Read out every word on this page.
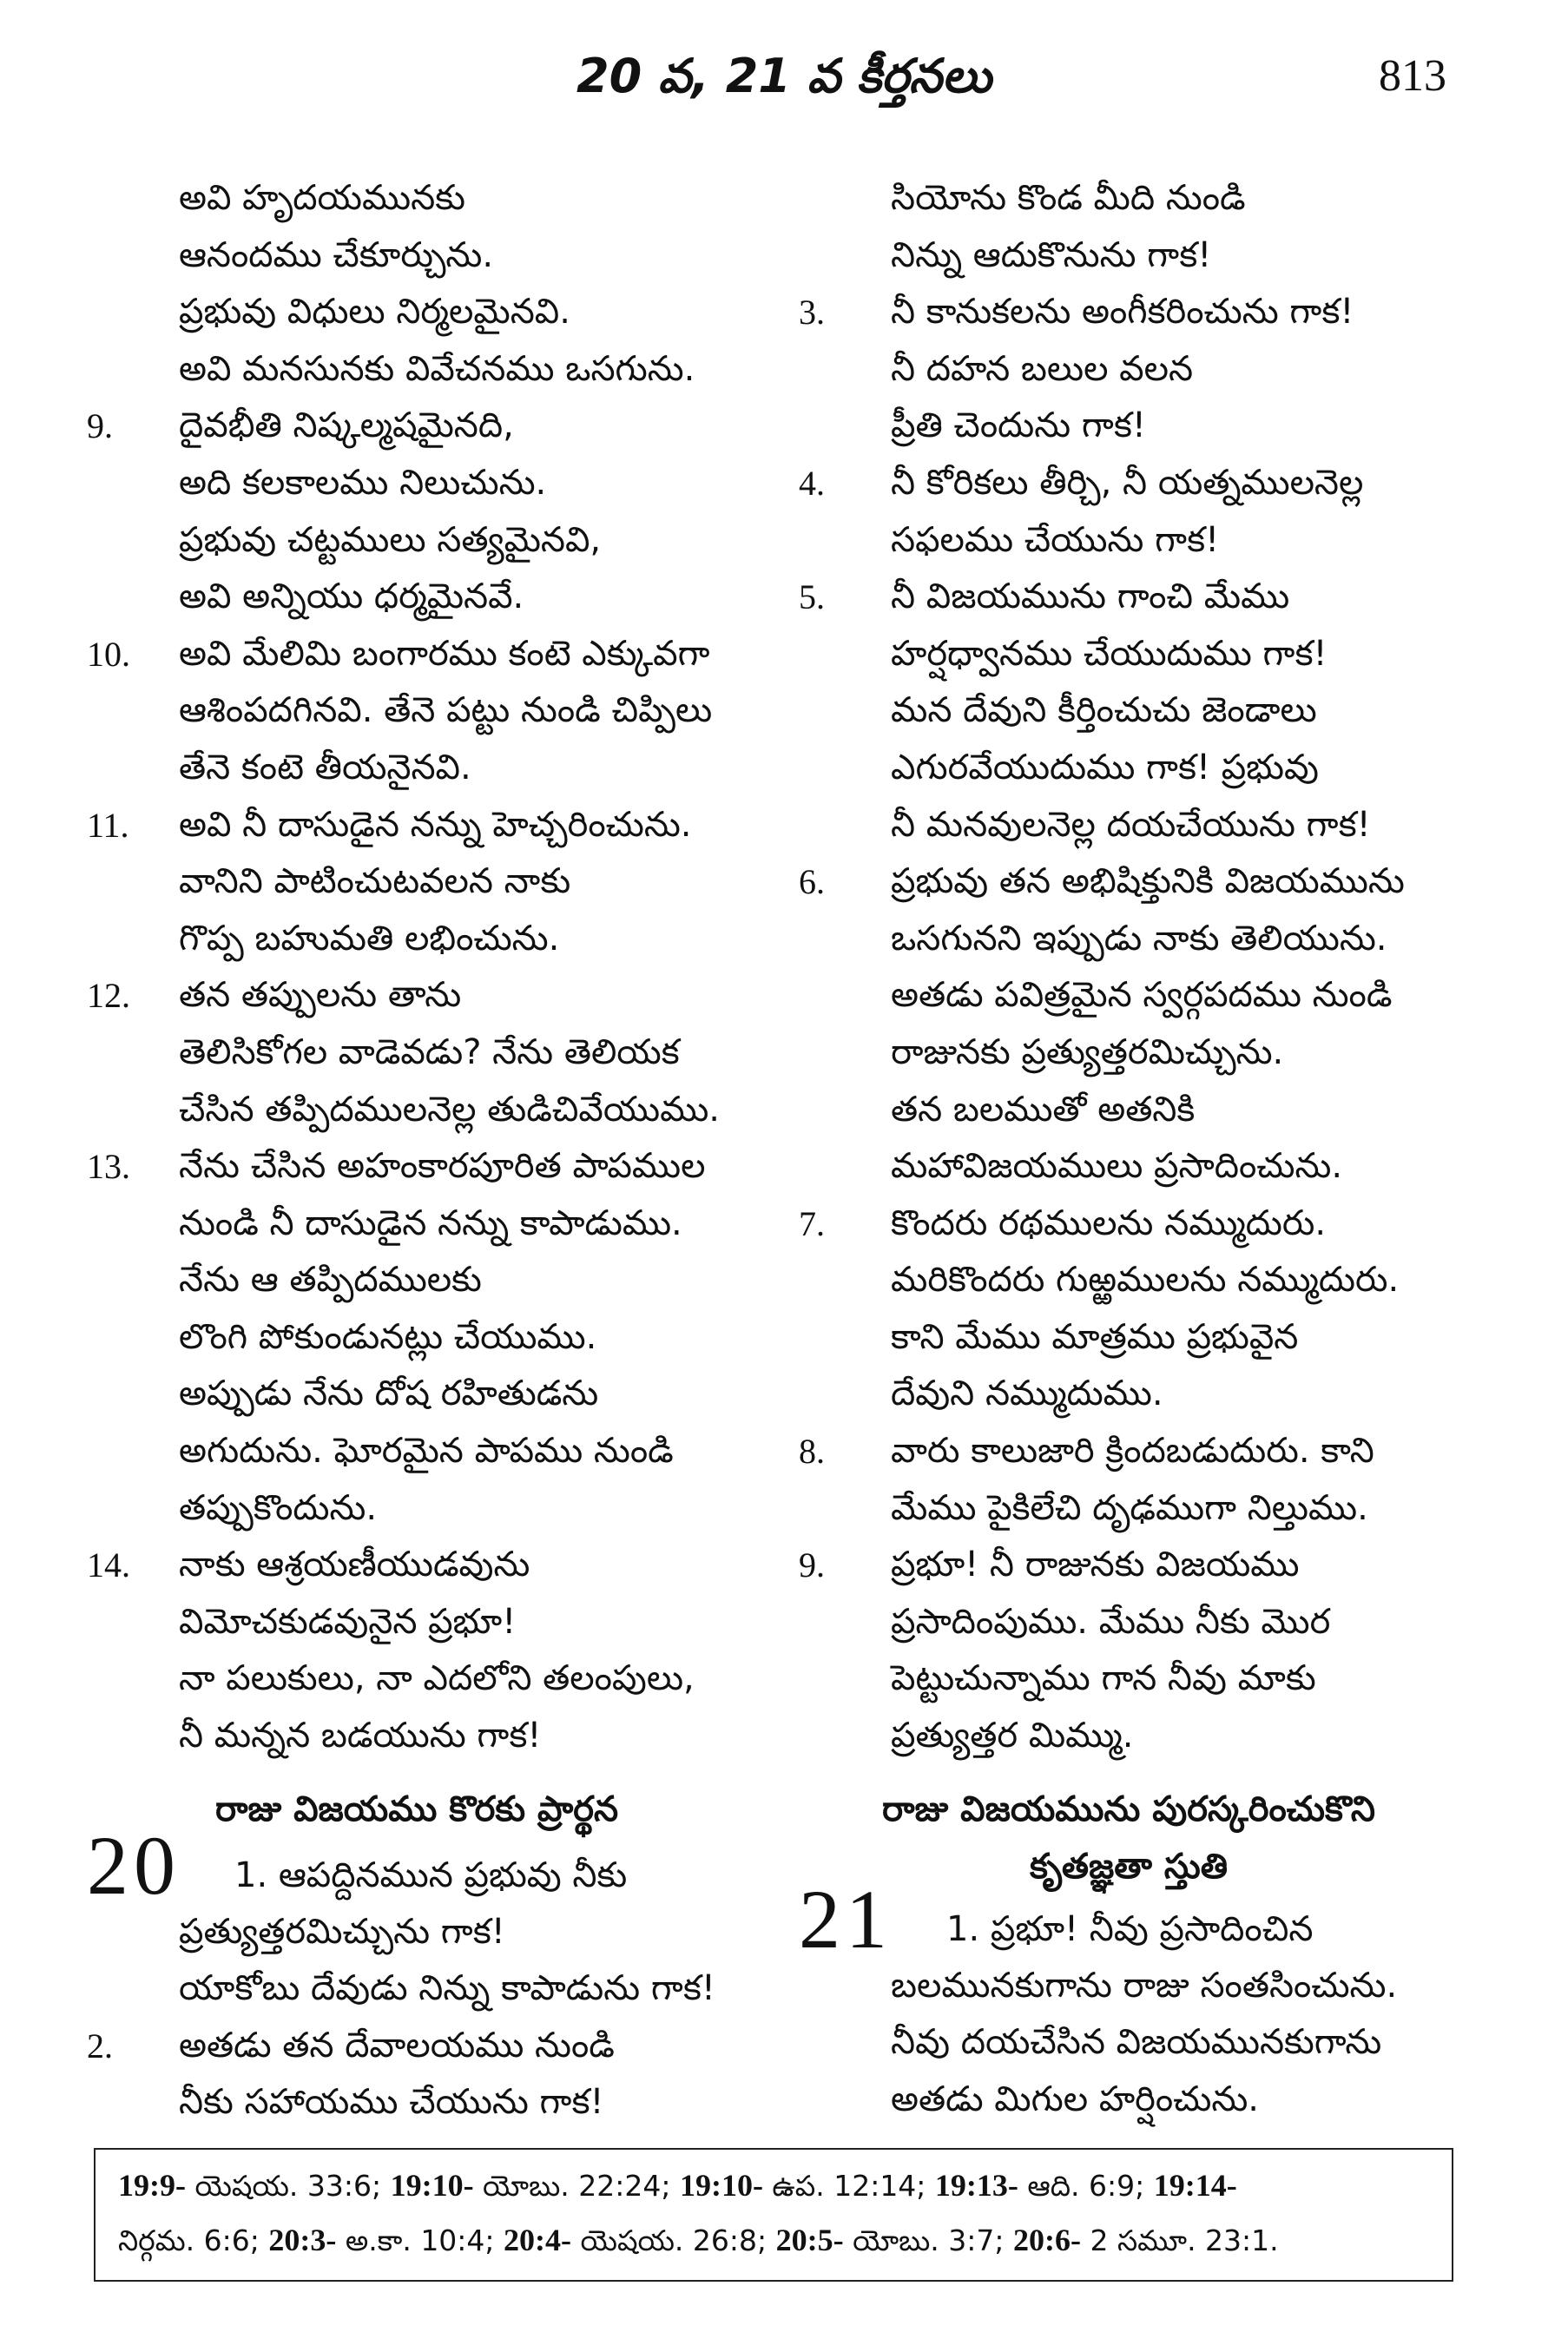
20 వ, 21 వ కీర్తనలు	813
అవి హృదయమునకు
ఆనందము చేకూర్చును.
ప్రభువు విధులు నిర్మలమైనవి.
అవి మనసునకు వివేచనము ఒసగును.
9. దైవభీతి నిష్కల్మషమైనది,
అది కలకాలము నిలుచును.
ప్రభువు చట్టములు సత్యమైనవి,
అవి అన్నియు ధర్మమైనవే.
10. అవి మేలిమి బంగారము కంటె ఎక్కువగా
ఆశింపదగినవి. తేనె పట్టు నుండి చిప్పిలు
తేనె కంటె తీయనైనవి.
11. అవి నీ దాసుడైన నన్ను హెచ్చరించును.
వానిని పాటించుటవలన నాకు
గొప్ప బహుమతి లభించును.
12. తన తప్పులను తాను
తెలిసికోగల వాడెవడు? నేను తెలియక
చేసిన తప్పిదములనెల్ల తుడిచివేయుము.
13. నేను చేసిన అహంకారపూరిత పాపముల
నుండి నీ దాసుడైన నన్ను కాపాడుము.
నేను ఆ తప్పిదములకు
లొంగి పోకుండునట్లు చేయుము.
అప్పుడు నేను దోష రహితుడను
అగుదును. ఘోరమైన పాపము నుండి
తప్పుకొందును.
14. నాకు ఆశ్రయణీయుడవును
విమోచకుడవునైన ప్రభూ!
నా పలుకులు, నా ఎదలోని తలంపులు,
నీ మన్నన బడయును గాక!
రాజు విజయము కొరకు ప్రార్థన
20 1. ఆపద్దినమున ప్రభువు నీకు
ప్రత్యుత్తరమిచ్చును గాక!
యాకోబు దేవుడు నిన్ను కాపాడును గాక!
2. అతడు తన దేవాలయము నుండి
నీకు సహాయము చేయును గాక!
సియోను కొండ మీది నుండి
నిన్ను ఆదుకొనును గాక!
3. నీ కానుకలను అంగీకరించును గాక!
నీ దహన బలుల వలన
ప్రీతి చెందును గాక!
4. నీ కోరికలు తీర్చి, నీ యత్నములనెల్ల
సఫలము చేయును గాక!
5. నీ విజయమును గాంచి మేము
హర్షధ్వానము చేయుదుము గాక!
మన దేవుని కీర్తించుచు జెండాలు
ఎగురవేయుదుము గాక! ప్రభువు
నీ మనవులనెల్ల దయచేయును గాక!
6. ప్రభువు తన అభిషిక్తునికి విజయమును
ఒసగునని ఇప్పుడు నాకు తెలియును.
అతడు పవిత్రమైన స్వర్గపదము నుండి
రాజునకు ప్రత్యుత్తరమిచ్చును.
తన బలముతో అతనికి
మహావిజయములు ప్రసాదించును.
7. కొందరు రథములను నమ్ముదురు.
మరికొందరు గుఱ్ఱములను నమ్ముదురు.
కాని మేము మాత్రము ప్రభువైన
దేవుని నమ్ముదుము.
8. వారు కాలుజారి క్రిందబడుదురు. కాని
మేము పైకిలేచి దృఢముగా నిల్తుము.
9. ప్రభూ! నీ రాజునకు విజయము
ప్రసాదింపుము. మేము నీకు మొర
పెట్టుచున్నాము గాన నీవు మాకు
ప్రత్యుత్తర మిమ్ము.
రాజు విజయమును పురస్కరించుకొని
కృతజ్ఞతా స్తుతి
21 1. ప్రభూ! నీవు ప్రసాదించిన
బలమునకుగాను రాజు సంతసించును.
నీవు దయచేసిన విజయమునకుగాను
అతడు మిగుల హర్షించును.
19:9- యెషయ. 33:6; 19:10- యోబు. 22:24; 19:10- ఉప. 12:14; 19:13- ఆది. 6:9; 19:14-
నిర్గమ. 6:6; 20:3- అ.కా. 10:4; 20:4- యెషయ. 26:8; 20:5- యోబు. 3:7; 20:6- 2 సమూ. 23:1.
